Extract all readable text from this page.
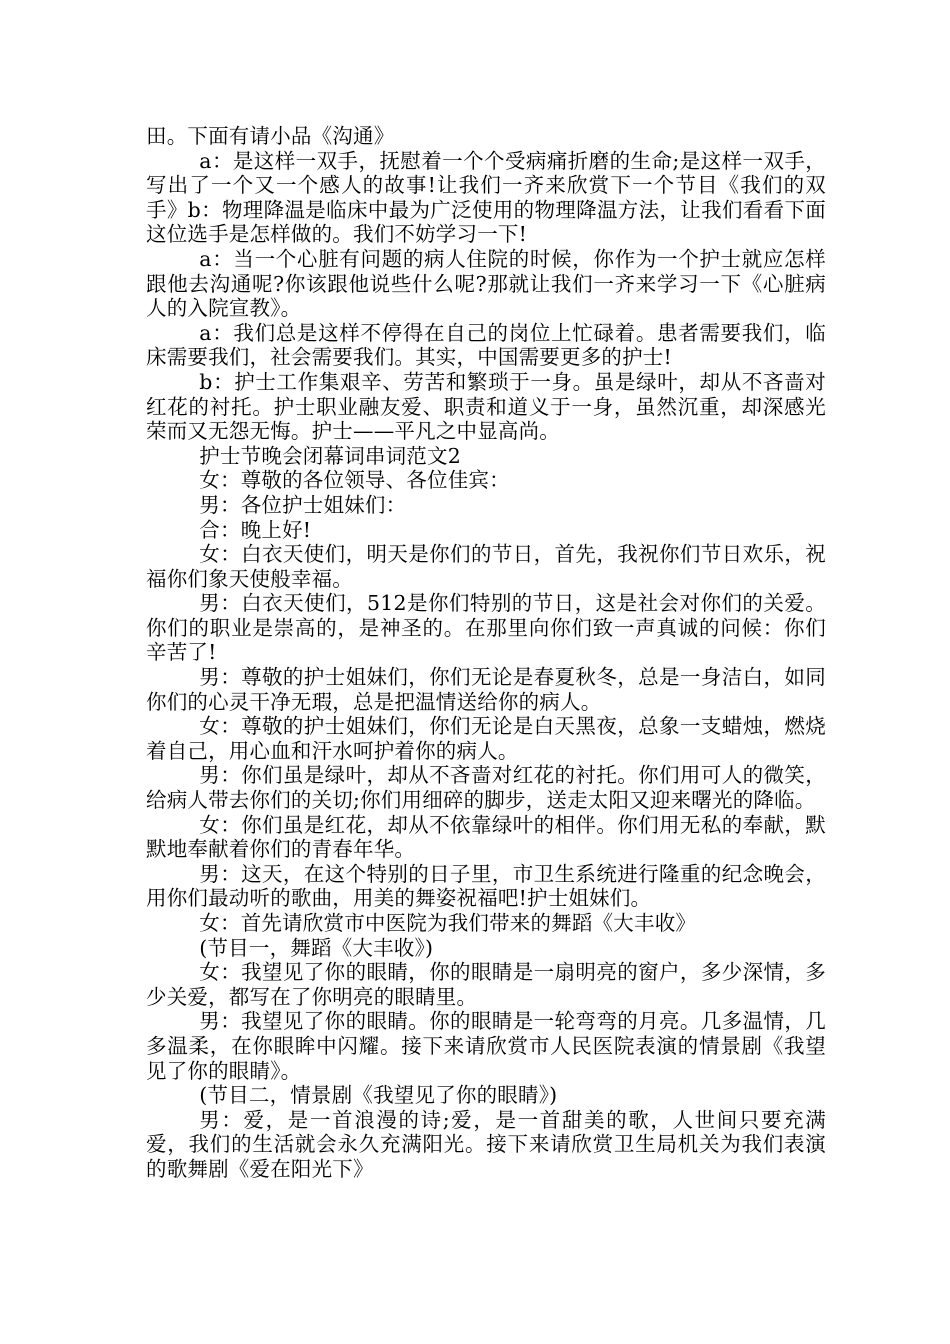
田。下面有请小品《沟通》

a：是这样一双手，抚慰着一个个受病痛折磨的生命;是这样一双手，写出了一个又一个感人的故事!让我们一齐来欣赏下一个节目《我们的双手》b：物理降温是临床中最为广泛使用的物理降温方法，让我们看看下面这位选手是怎样做的。我们不妨学习一下!

a：当一个心脏有问题的病人住院的时候，你作为一个护士就应怎样跟他去沟通呢?你该跟他说些什么呢?那就让我们一齐来学习一下《心脏病人的入院宣教》。

a：我们总是这样不停得在自己的岗位上忙碌着。患者需要我们，临床需要我们，社会需要我们。其实，中国需要更多的护士!

b：护士工作集艰辛、劳苦和繁琐于一身。虽是绿叶，却从不吝啬对红花的衬托。护士职业融友爱、职责和道义于一身，虽然沉重，却深感光荣而又无怨无悔。护士——平凡之中显高尚。

护士节晚会闭幕词串词范文2

女：尊敬的各位领导、各位佳宾：

男：各位护士姐妹们：

合：晚上好!

女：白衣天使们，明天是你们的节日，首先，我祝你们节日欢乐，祝福你们象天使般幸福。

男：白衣天使们，512是你们特别的节日，这是社会对你们的关爱。你们的职业是崇高的，是神圣的。在那里向你们致一声真诚的问候：你们辛苦了!

男：尊敬的护士姐妹们，你们无论是春夏秋冬，总是一身洁白，如同你们的心灵干净无瑕，总是把温情送给你的病人。

女：尊敬的护士姐妹们，你们无论是白天黑夜，总象一支蜡烛，燃烧着自己，用心血和汗水呵护着你的病人。

男：你们虽是绿叶，却从不吝啬对红花的衬托。你们用可人的微笑，给病人带去你们的关切;你们用细碎的脚步，送走太阳又迎来曙光的降临。

女：你们虽是红花，却从不依靠绿叶的相伴。你们用无私的奉献，默默地奉献着你们的青春年华。

男：这天，在这个特别的日子里，市卫生系统进行隆重的纪念晚会，用你们最动听的歌曲，用美的舞姿祝福吧!护士姐妹们。

女：首先请欣赏市中医院为我们带来的舞蹈《大丰收》

(节目一，舞蹈《大丰收》)

女：我望见了你的眼睛，你的眼睛是一扇明亮的窗户，多少深情，多少关爱，都写在了你明亮的眼睛里。

男：我望见了你的眼睛。你的眼睛是一轮弯弯的月亮。几多温情，几多温柔，在你眼眸中闪耀。接下来请欣赏市人民医院表演的情景剧《我望见了你的眼睛》。

(节目二，情景剧《我望见了你的眼睛》)

男：爱，是一首浪漫的诗;爱，是一首甜美的歌，人世间只要充满爱，我们的生活就会永久充满阳光。接下来请欣赏卫生局机关为我们表演的歌舞剧《爱在阳光下》
